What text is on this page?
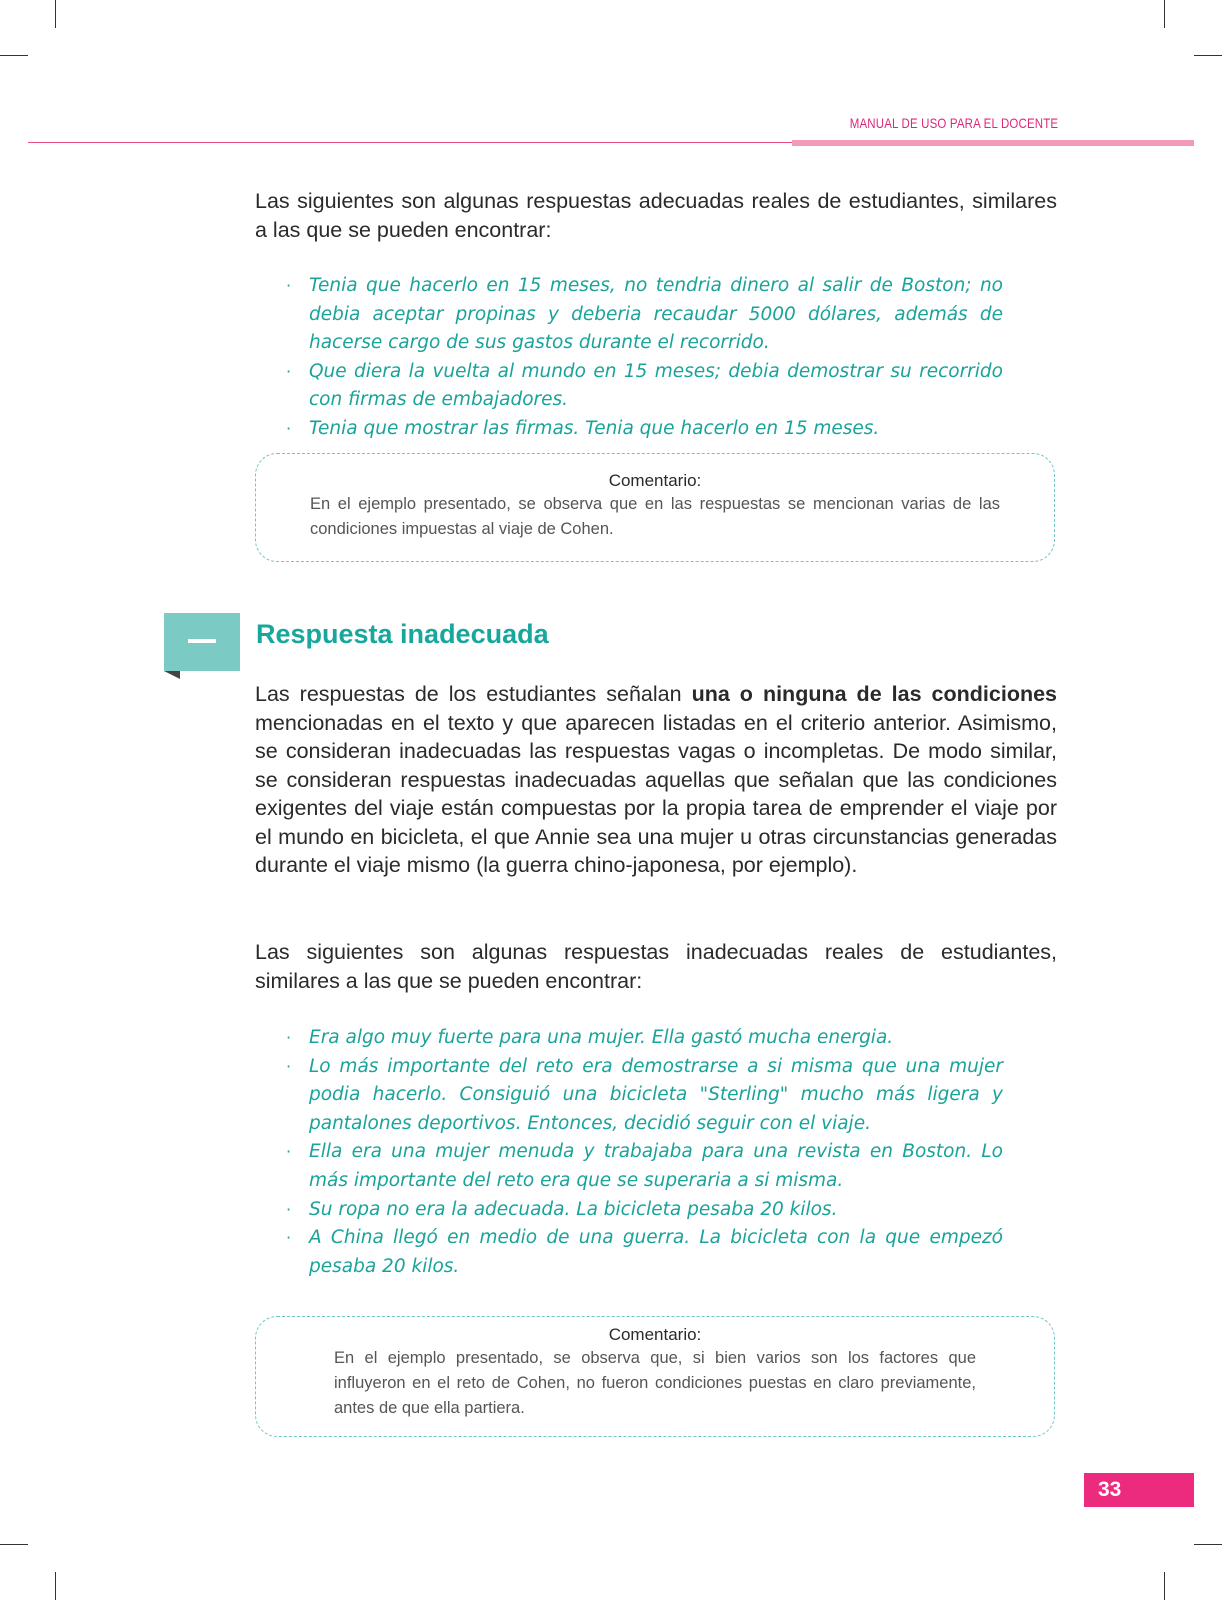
MANUAL DE USO PARA EL DOCENTE

Las siguientes son algunas respuestas adecuadas reales de estudiantes, similares a las que se pueden encontrar:

· Tenia que hacerlo en 15 meses, no tendria dinero al salir de Boston; no debia aceptar propinas y deberia recaudar 5000 dólares, además de hacerse cargo de sus gastos durante el recorrido.
· Que diera la vuelta al mundo en 15 meses; debia demostrar su recorrido con firmas de embajadores.
· Tenia que mostrar las firmas. Tenia que hacerlo en 15 meses.

Comentario:

En el ejemplo presentado, se observa que en las respuestas se mencionan varias de las condiciones impuestas al viaje de Cohen.

Respuesta inadecuada

Las respuestas de los estudiantes señalan una o ninguna de las condiciones mencionadas en el texto y que aparecen listadas en el criterio anterior. Asimismo, se consideran inadecuadas las respuestas vagas o incompletas. De modo similar, se consideran respuestas inadecuadas aquellas que señalan que las condiciones exigentes del viaje están compuestas por la propia tarea de emprender el viaje por el mundo en bicicleta, el que Annie sea una mujer u otras circunstancias generadas durante el viaje mismo (la guerra chino-japonesa, por ejemplo).

Las siguientes son algunas respuestas inadecuadas reales de estudiantes, similares a las que se pueden encontrar:

· Era algo muy fuerte para una mujer. Ella gastó mucha energia.
· Lo más importante del reto era demostrarse a si misma que una mujer podia hacerlo. Consiguió una bicicleta "Sterling" mucho más ligera y pantalones deportivos. Entonces, decidió seguir con el viaje.
· Ella era una mujer menuda y trabajaba para una revista en Boston. Lo más importante del reto era que se superaria a si misma.
· Su ropa no era la adecuada. La bicicleta pesaba 20 kilos.
· A China llegó en medio de una guerra. La bicicleta con la que empezó pesaba 20 kilos.

Comentario:

En el ejemplo presentado, se observa que, si bien varios son los factores que influyeron en el reto de Cohen, no fueron condiciones puestas en claro previamente, antes de que ella partiera.

33
